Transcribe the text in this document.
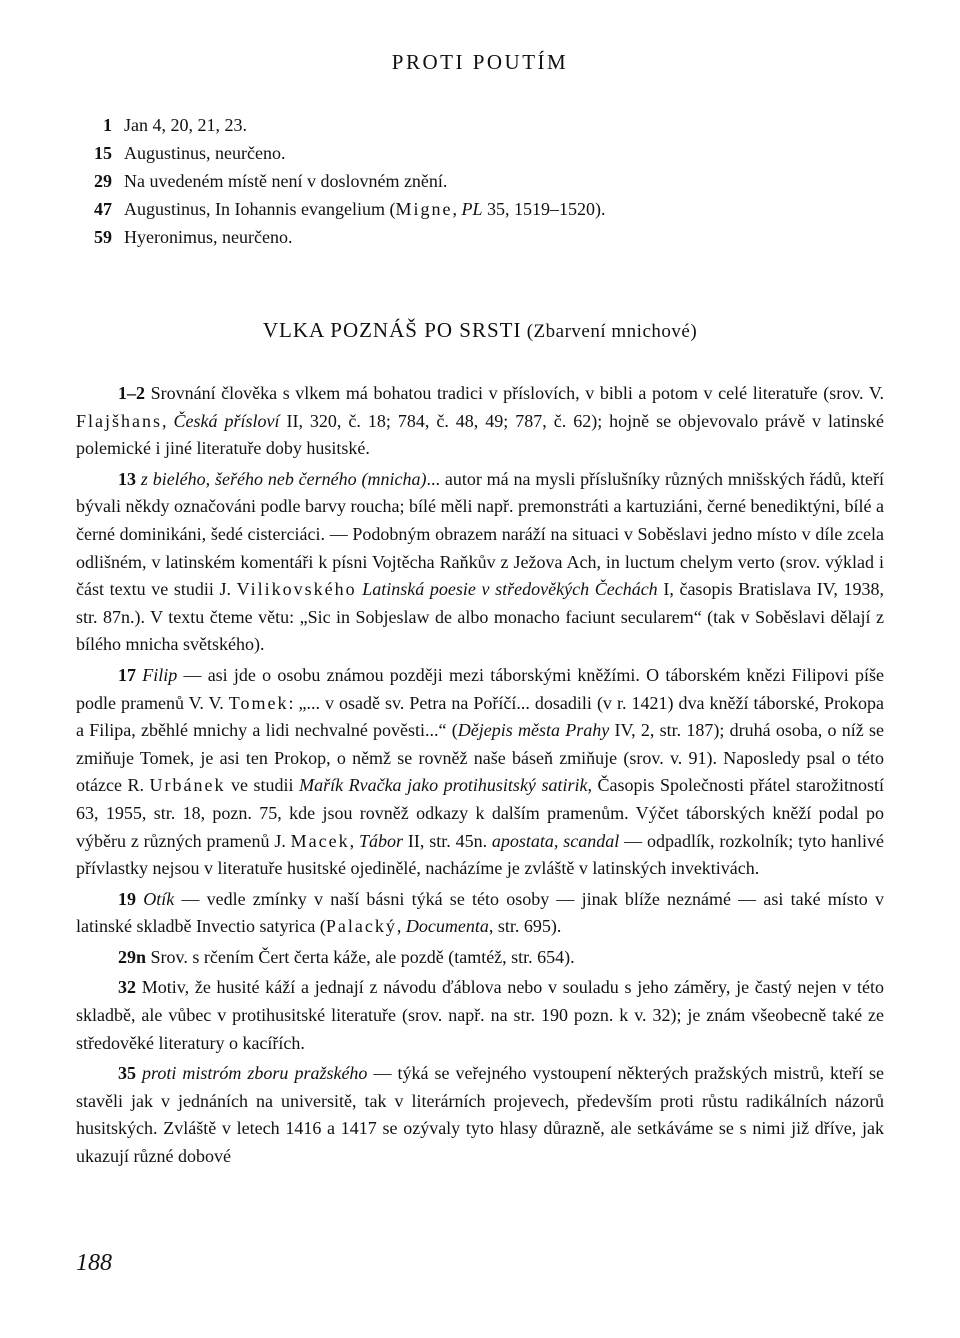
PROTI POUTÍM
1 Jan 4, 20, 21, 23.
15 Augustinus, neurčeno.
29 Na uvedeném místě není v doslovném znění.
47 Augustinus, In Iohannis evangelium (Migne, PL 35, 1519–1520).
59 Hyeronimus, neurčeno.
VLKA POZNÁŠ PO SRSTI (Zbarvení mnichové)

1–2 Srovnání člověka s vlkem má bohatou tradici v příslovích, v bibli a potom v celé literatuře (srov. V. Flajšhans, Česká přísloví II, 320, č. 18; 784, č. 48, 49; 787, č. 62); hojně se objevovalo právě v latinské polemické i jiné literatuře doby husitské.

13 z bielého, šeřého neb černého (mnicha)... autor má na mysli příslušníky různých mnišských řádů, kteří bývali někdy označováni podle barvy roucha; bílé měli např. premonstráti a kartuziáni, černé benediktýni, bílé a černé dominikáni, šedé cisterciáci. — Podobným obrazem naráží na situaci v Soběslavi jedno místo v díle zcela odlišném, v latinském komentáři k písni Vojtěcha Raňkův z Ježova Ach, in luctum chelym verto (srov. výklad i část textu ve studii J. Vilikovského Latinská poesie v středověkých Čechách I, časopis Bratislava IV, 1938, str. 87n.). V textu čteme větu: „Sic in Sobjeslaw de albo monacho faciunt secularem“ (tak v Soběslavi dělají z bílého mnicha světského).

17 Filip — asi jde o osobu známou později mezi táborskými kněžími. O táborském knězi Filipovi píše podle pramenů V. V. Tomek: „... v osadě sv. Petra na Poříčí... dosadili (v r. 1421) dva kněží táborské, Prokopa a Filipa, zběhlé mnichy a lidi nechvalné pověsti...“ (Dějepis města Prahy IV, 2, str. 187); druhá osoba, o níž se zmiňuje Tomek, je asi ten Prokop, o němž se rovněž naše báseň zmiňuje (srov. v. 91). Naposledy psal o této otázce R. Urbánek ve studii Mařík Rvačka jako protihusitský satirik, Časopis Společnosti přátel starožitností 63, 1955, str. 18, pozn. 75, kde jsou rovněž odkazy k dalším pramenům. Výčet táborských kněží podal po výběru z různých pramenů J. Macek, Tábor II, str. 45n. apostata, scandal — odpadlík, rozkolník; tyto hanlivé přívlastky nejsou v literatuře husitské ojedinělé, nacházíme je zvláště v latinských invektivách.

19 Otík — vedle zmínky v naší básni týká se této osoby — jinak blíže neznámé — asi také místo v latinské skladbě Invectio satyrica (Palacký, Documenta, str. 695).

29n Srov. s rčením Čert čerta káže, ale pozdě (tamtéž, str. 654).

32 Motiv, že husité káží a jednají z návodu ďáblova nebo v souladu s jeho záměry, je častý nejen v této skladbě, ale vůbec v protihusitské literatuře (srov. např. na str. 190 pozn. k v. 32); je znám všeobecně také ze středověké literatury o kacířích.

35 proti mistróm zboru pražského — týká se veřejného vystoupení některých pražských mistrů, kteří se stavěli jak v jednáních na universitě, tak v literárních projevech, především proti růstu radikálních názorů husitských. Zvláště v letech 1416 a 1417 se ozývaly tyto hlasy důrazně, ale setkáváme se s nimi již dříve, jak ukazují různé dobové

188
